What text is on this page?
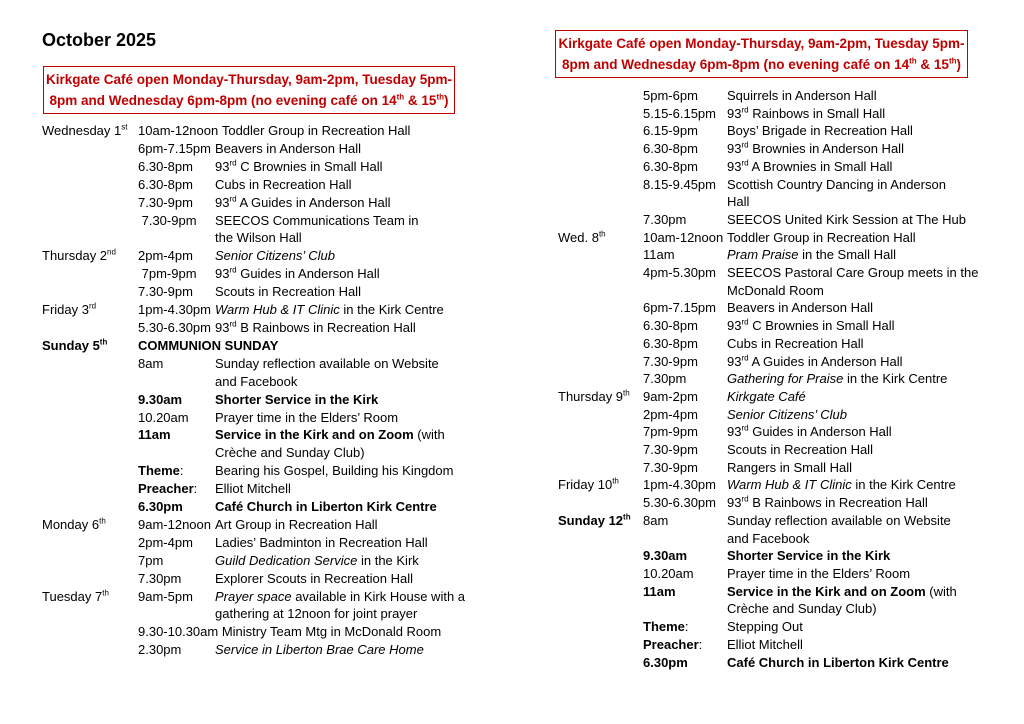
October 2025
Kirkgate Café open Monday-Thursday, 9am-2pm, Tuesday 5pm-
8pm and Wednesday 6pm-8pm (no evening café on 14th & 15th)
Kirkgate Café open Monday-Thursday, 9am-2pm, Tuesday 5pm-
8pm and Wednesday 6pm-8pm (no evening café on 14th & 15th)
Wednesday 1st 10am-12noon Toddler Group in Recreation Hall
6pm-7.15pm Beavers in Anderson Hall
6.30-8pm	93rd C Brownies in Small Hall
6.30-8pm	Cubs in Recreation Hall
7.30-9pm	93rd A Guides in Anderson Hall
7.30-9pm	SEECOS Communications Team in
the Wilson Hall
Thursday 2nd	2pm-4pm	Senior Citizens’ Club
7pm-9pm	93rd Guides in Anderson Hall
7.30-9pm	Scouts in Recreation Hall
Friday 3rd	1pm-4.30pm Warm Hub & IT Clinic in the Kirk Centre
5.30-6.30pm 93rd B Rainbows in Recreation Hall
Sunday 5th	COMMUNION SUNDAY
8am	Sunday reflection available on Website
and Facebook
9.30am	Shorter Service in the Kirk
10.20am	Prayer time in the Elders’ Room
11am	Service in the Kirk and on Zoom (with
Crèche and Sunday Club)
Theme:	Bearing his Gospel, Building his Kingdom
Preacher:	Elliot Mitchell
6.30pm	Café Church in Liberton Kirk Centre
Monday 6th	9am-12noon Art Group in Recreation Hall
2pm-4pm	Ladies’ Badminton in Recreation Hall
7pm	Guild Dedication Service in the Kirk
7.30pm	Explorer Scouts in Recreation Hall
Tuesday 7th	9am-5pm	Prayer space available in Kirk House with a
gathering at 12noon for joint prayer
9.30-10.30am Ministry Team Mtg in McDonald Room
2.30pm	Service in Liberton Brae Care Home
5pm-6pm	Squirrels in Anderson Hall
5.15-6.15pm 93rd Rainbows in Small Hall
6.15-9pm	Boys’ Brigade in Recreation Hall
6.30-8pm	93rd Brownies in Anderson Hall
6.30-8pm	93rd A Brownies in Small Hall
8.15-9.45pm Scottish Country Dancing in Anderson
Hall
7.30pm	SEECOS United Kirk Session at The Hub
Wed. 8th	10am-12noon Toddler Group in Recreation Hall
11am	Pram Praise in the Small Hall
4pm-5.30pm SEECOS Pastoral Care Group meets in the
McDonald Room
6pm-7.15pm Beavers in Anderson Hall
6.30-8pm	93rd C Brownies in Small Hall
6.30-8pm	Cubs in Recreation Hall
7.30-9pm	93rd A Guides in Anderson Hall
7.30pm	Gathering for Praise in the Kirk Centre
Thursday 9th	9am-2pm	Kirkgate Café
2pm-4pm	Senior Citizens’ Club
7pm-9pm	93rd Guides in Anderson Hall
7.30-9pm	Scouts in Recreation Hall
7.30-9pm	Rangers in Small Hall
Friday 10th	1pm-4.30pm Warm Hub & IT Clinic in the Kirk Centre
5.30-6.30pm 93rd B Rainbows in Recreation Hall
Sunday 12th 8am	Sunday reflection available on Website
and Facebook
9.30am	Shorter Service in the Kirk
10.20am	Prayer time in the Elders’ Room
11am	Service in the Kirk and on Zoom (with
Crèche and Sunday Club)
Theme:	Stepping Out
Preacher:	Elliot Mitchell
6.30pm	Café Church in Liberton Kirk Centre
